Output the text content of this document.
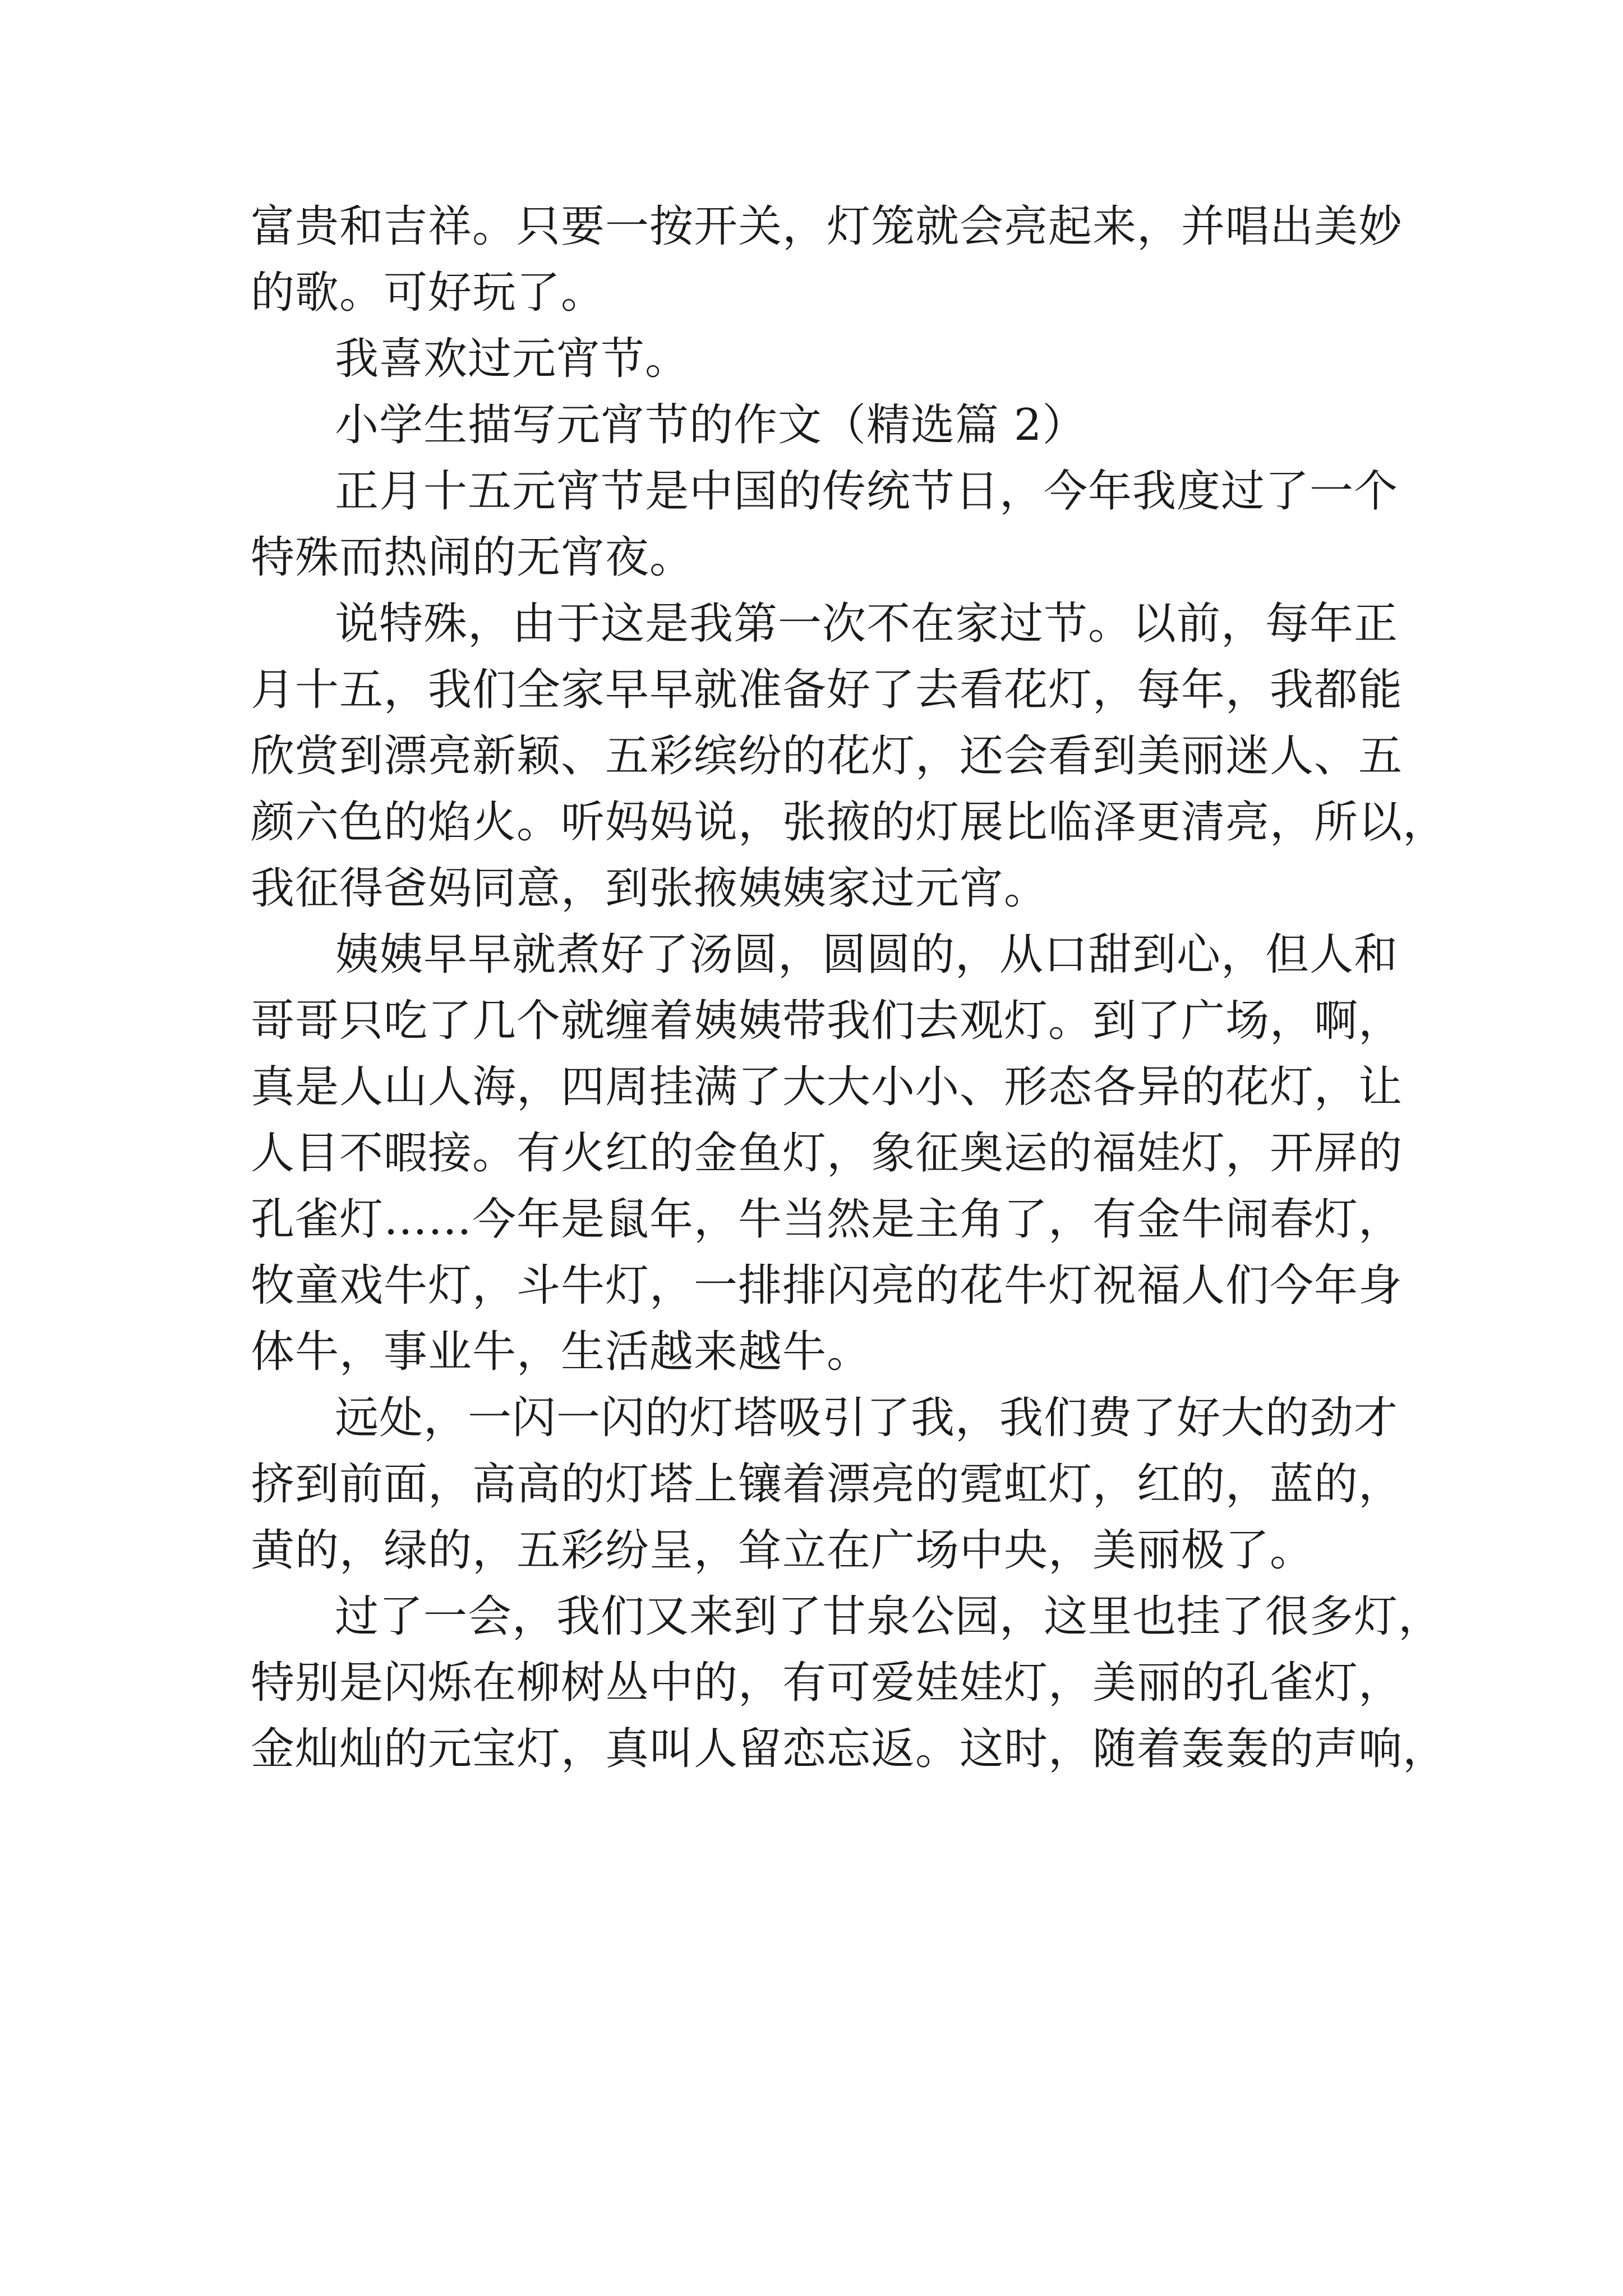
富贵和吉祥。只要一按开关，灯笼就会亮起来，并唱出美妙
的歌。可好玩了。
我喜欢过元宵节。
小学生描写元宵节的作文（精选篇 2）
正月十五元宵节是中国的传统节日，今年我度过了一个
特殊而热闹的无宵夜。
说特殊，由于这是我第一次不在家过节。以前，每年正
月十五，我们全家早早就准备好了去看花灯，每年，我都能
欣赏到漂亮新颖、五彩缤纷的花灯，还会看到美丽迷人、五
颜六色的焰火。听妈妈说，张掖的灯展比临泽更清亮，所以，
我征得爸妈同意，到张掖姨姨家过元宵。
姨姨早早就煮好了汤圆，圆圆的，从口甜到心，但人和
哥哥只吃了几个就缠着姨姨带我们去观灯。到了广场，啊，
真是人山人海，四周挂满了大大小小、形态各异的花灯，让
人目不暇接。有火红的金鱼灯，象征奥运的福娃灯，开屏的
孔雀灯……今年是鼠年，牛当然是主角了，有金牛闹春灯，
牧童戏牛灯，斗牛灯，一排排闪亮的花牛灯祝福人们今年身
体牛，事业牛，生活越来越牛。
远处，一闪一闪的灯塔吸引了我，我们费了好大的劲才
挤到前面，高高的灯塔上镶着漂亮的霓虹灯，红的，蓝的，
黄的，绿的，五彩纷呈，耸立在广场中央，美丽极了。
过了一会，我们又来到了甘泉公园，这里也挂了很多灯，
特别是闪烁在柳树丛中的，有可爱娃娃灯，美丽的孔雀灯，
金灿灿的元宝灯，真叫人留恋忘返。这时，随着轰轰的声响，
